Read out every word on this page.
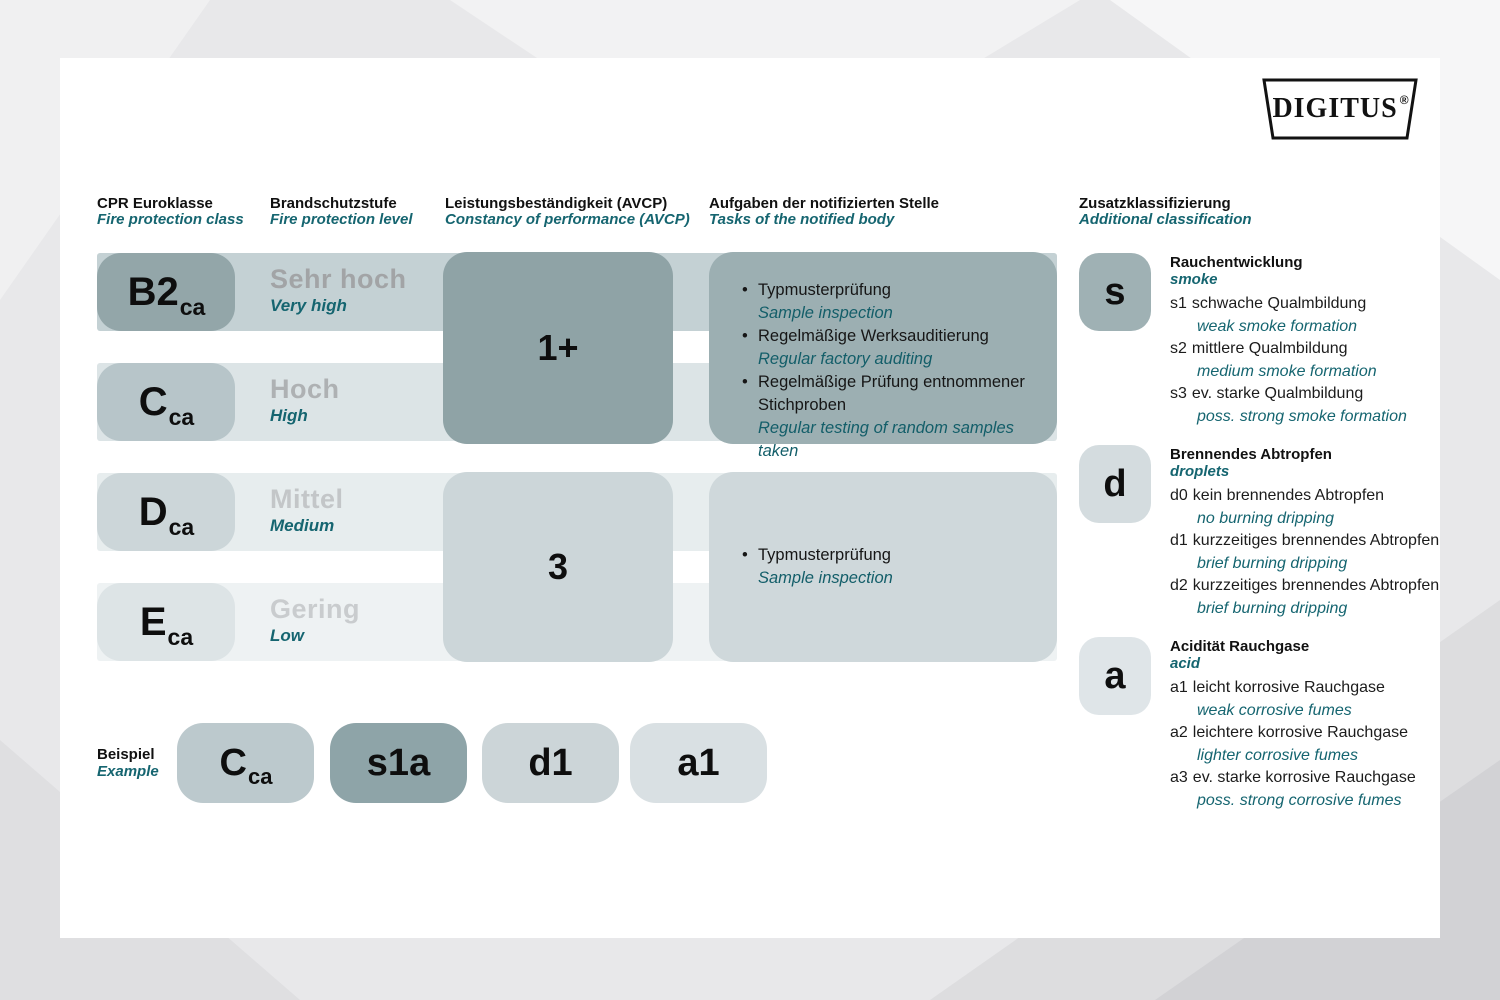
DIGITUS ®
CPR Euroklasse
Fire protection class
Brandschutzstufe
Fire protection level
Leistungsbeständigkeit (AVCP)
Constancy of performance (AVCP)
Aufgaben der notifizierten Stelle
Tasks of the notified body
Zusatzklassifizierung
Additional classification
$B2_{ca}$
$C_{ca}$
$D_{ca}$
$E_{ca}$
Sehr hoch
Very high
Hoch
High
Mittel
Medium
Gering
Low
1+
3
• Typmusterprüfung
Sample inspection
• Regelmäßige Werksauditierung
Regular factory auditing
• Regelmäßige Prüfung entnommener Stichproben
Regular testing of random samples taken
• Typmusterprüfung
Sample inspection
s
Rauchentwicklung
smoke
s1 schwache Qualmbildung
weak smoke formation
s2 mittlere Qualmbildung
medium smoke formation
s3 ev. starke Qualmbildung
poss. strong smoke formation
d
Brennendes Abtropfen
droplets
d0 kein brennendes Abtropfen
no burning dripping
d1 kurzzeitiges brennendes Abtropfen
brief burning dripping
d2 kurzzeitiges brennendes Abtropfen
brief burning dripping
a
Acidität Rauchgase
acid
a1 leicht korrosive Rauchgase
weak corrosive fumes
a2 leichtere korrosive Rauchgase
lighter corrosive fumes
a3 ev. starke korrosive Rauchgase
poss. strong corrosive fumes
Beispiel
Example $C_{ca}$ s1a	d1	a1
